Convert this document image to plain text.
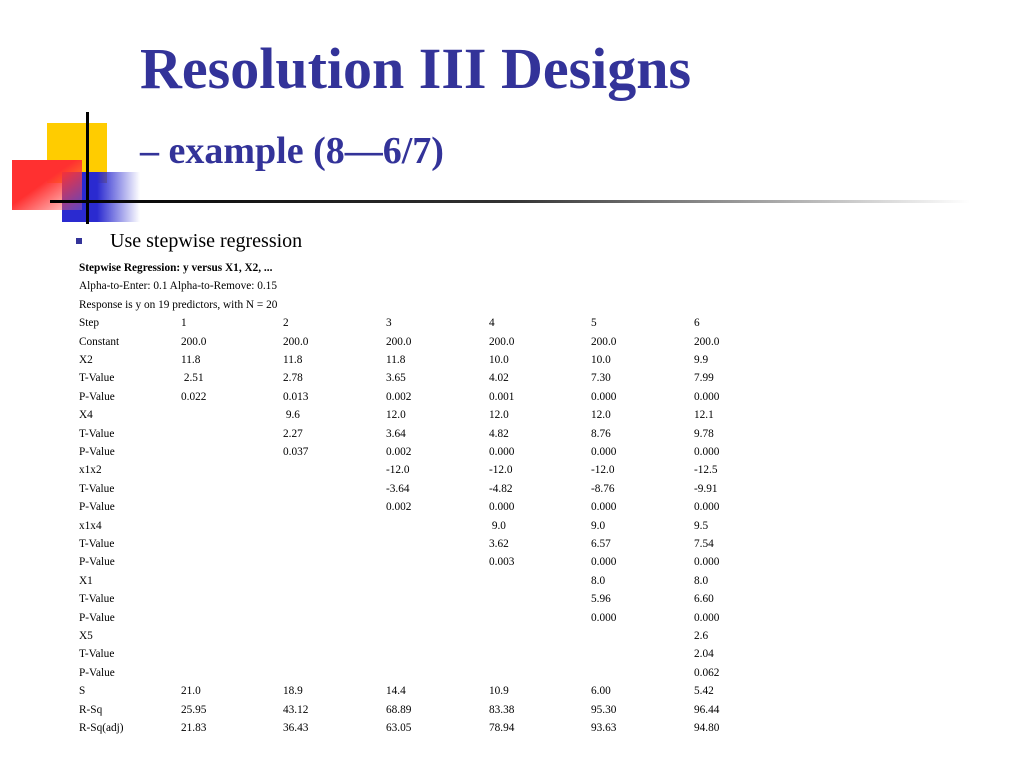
Resolution III Designs
– example (8—6/7)
Use stepwise regression
Stepwise Regression: y versus X1, X2, ...
Alpha-to-Enter: 0.1 Alpha-to-Remove: 0.15
Response is y on 19 predictors, with N = 20
Step	1	2	3	4	5	6
Constant	200.0	200.0	200.0	200.0	200.0	200.0
X2	11.8	11.8	11.8	10.0	10.0	9.9
T-Value	2.51	2.78	3.65	4.02	7.30	7.99
P-Value	0.022	0.013	0.002	0.001	0.000	0.000
X4		9.6	12.0	12.0	12.0	12.1
T-Value		2.27	3.64	4.82	8.76	9.78
P-Value		0.037	0.002	0.000	0.000	0.000
x1x2			-12.0	-12.0	-12.0	-12.5
T-Value			-3.64	-4.82	-8.76	-9.91
P-Value			0.002	0.000	0.000	0.000
x1x4				9.0	9.0	9.5
T-Value				3.62	6.57	7.54
P-Value				0.003	0.000	0.000
X1					8.0	8.0
T-Value					5.96	6.60
P-Value					0.000	0.000
X5						2.6
T-Value						2.04
P-Value						0.062
S	21.0	18.9	14.4	10.9	6.00	5.42
R-Sq	25.95	43.12	68.89	83.38	95.30	96.44
R-Sq(adj)	21.83	36.43	63.05	78.94	93.63	94.80
